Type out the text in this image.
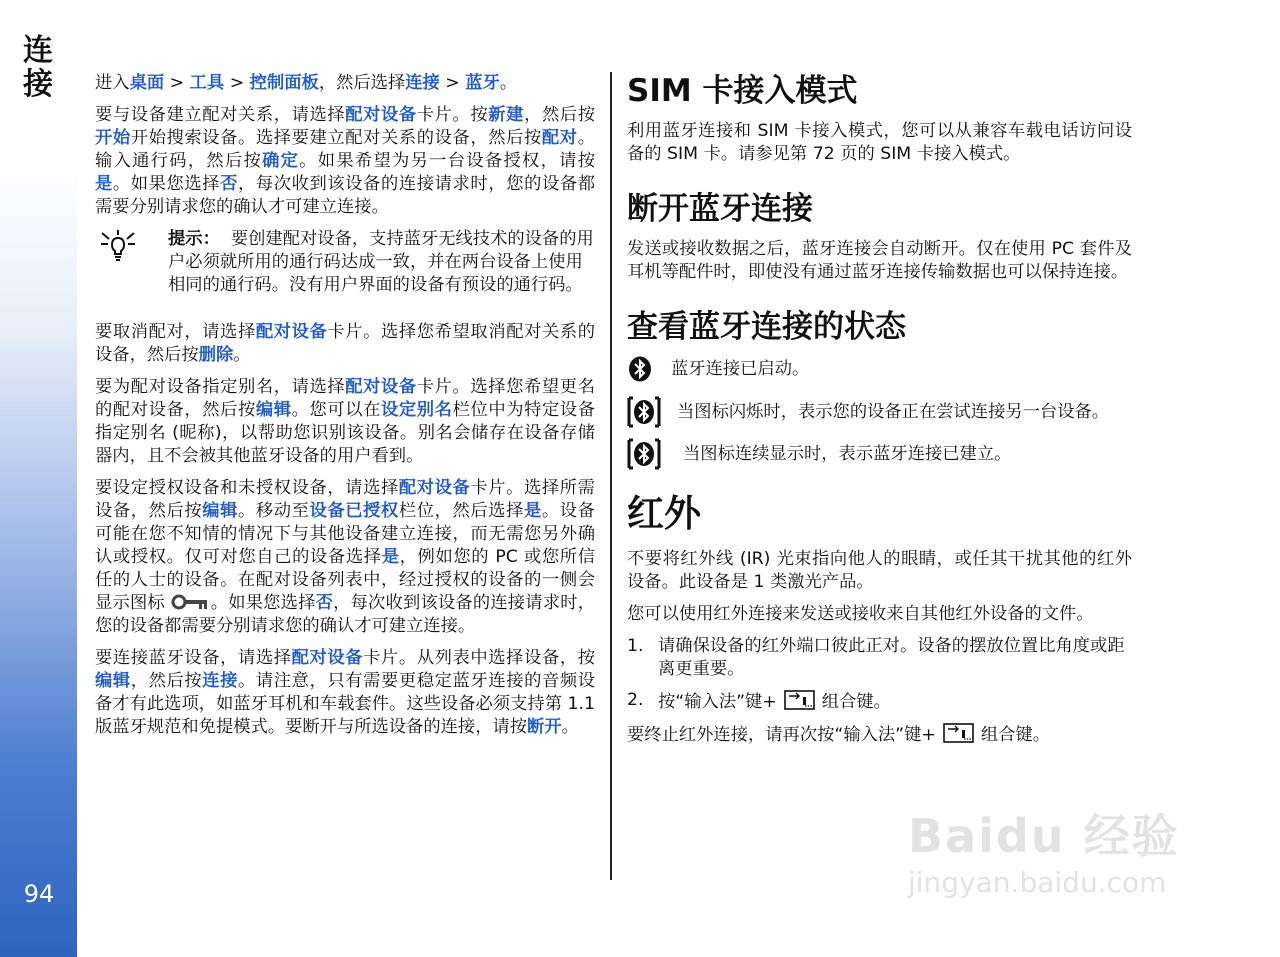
连接
94

进入桌面 > 工具 > 控制面板，然后选择连接 > 蓝牙。

要与设备建立配对关系，请选择配对设备卡片。按新建，然后按开始开始搜索设备。选择要建立配对关系的设备，然后按配对。输入通行码，然后按确定。如果希望为另一台设备授权，请按是。如果您选择否，每次收到该设备的连接请求时，您的设备都需要分别请求您的确认才可建立连接。

提示： 要创建配对设备，支持蓝牙无线技术的设备的用户必须就所用的通行码达成一致，并在两台设备上使用相同的通行码。没有用户界面的设备有预设的通行码。

要取消配对，请选择配对设备卡片。选择您希望取消配对关系的设备，然后按删除。

要为配对设备指定别名，请选择配对设备卡片。选择您希望更名的配对设备，然后按编辑。您可以在设定别名栏位中为特定设备指定别名 (昵称)，以帮助您识别该设备。别名会储存在设备存储器内，且不会被其他蓝牙设备的用户看到。

要设定授权设备和未授权设备，请选择配对设备卡片。选择所需设备，然后按编辑。移动至设备已授权栏位，然后选择是。设备可能在您不知情的情况下与其他设备建立连接，而无需您另外确认或授权。仅可对您自己的设备选择是，例如您的 PC 或您所信任的人士的设备。在配对设备列表中，经过授权的设备的一侧会显示图标	。如果您选择否，每次收到该设备的连接请求时，您的设备都需要分别请求您的确认才可建立连接。

要连接蓝牙设备，请选择配对设备卡片。从列表中选择设备，按编辑，然后按连接。请注意，只有需要更稳定蓝牙连接的音频设备才有此选项，如蓝牙耳机和车载套件。这些设备必须支持第 1.1 版蓝牙规范和免提模式。要断开与所选设备的连接，请按断开。

SIM 卡接入模式

利用蓝牙连接和 SIM 卡接入模式，您可以从兼容车载电话访问设备的 SIM 卡。请参见第 72 页的 SIM 卡接入模式。

断开蓝牙连接

发送或接收数据之后，蓝牙连接会自动断开。仅在使用 PC 套件及耳机等配件时，即使没有通过蓝牙连接传输数据也可以保持连接。

查看蓝牙连接的状态
蓝牙连接已启动。
当图标闪烁时，表示您的设备正在尝试连接另一台设备。
当图标连续显示时，表示蓝牙连接已建立。
红外

不要将红外线 (IR) 光束指向他人的眼睛，或任其干扰其他的红外设备。此设备是 1 类激光产品。

您可以使用红外连接来发送或接收来自其他红外设备的文件。

1. 请确保设备的红外端口彼此正对。设备的摆放位置比角度或距离更重要。
2. 按“输入法”键+	组合键。

要终止红外连接，请再次按“输入法”键+	组合键。

Baidu 经验
jingyan.baidu.com
